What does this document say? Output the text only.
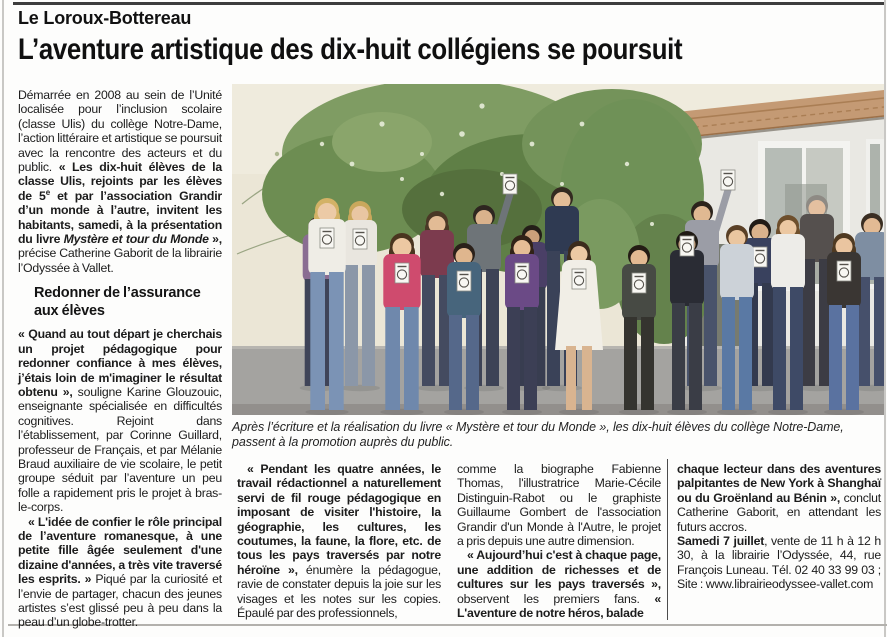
Le Loroux-Bottereau
L’aventure artistique des dix-huit collégiens se poursuit

Démarrée en 2008 au sein de l’Unité localisée pour l’inclusion scolaire (classe Ulis) du collège Notre-Dame, l’action littéraire et artistique se poursuit avec la rencontre des acteurs et du public. « Les dix-huit élèves de la classe Ulis, rejoints par les élèves de 5e et par l’association Grandir d’un monde à l’autre, invitent les habitants, samedi, à la présentation du livre Mystère et tour du Monde », précise Catherine Gaborit de la librairie l’Odyssée à Vallet.

Redonner de l’assurance aux élèves

« Quand au tout départ je cherchais un projet pédagogique pour redonner confiance à mes élèves, j’étais loin de m'imaginer le résultat obtenu », souligne Karine Glouzouic, enseignante spécialisée en difficultés cognitives. Rejoint dans l’établissement, par Corinne Guillard, professeur de Français, et par Mélanie Braud auxiliaire de vie scolaire, le petit groupe séduit par l’aventure un peu folle a rapidement pris le projet à bras-le-corps.

« L'idée de confier le rôle principal de l’aventure romanesque, à une petite fille âgée seulement d'une dizaine d'années, a très vite traversé les esprits. » Piqué par la curiosité et l’envie de partager, chacun des jeunes artistes s’est glissé peu à peu dans la peau d’un globe-trotter.

Après l’écriture et la réalisation du livre « Mystère et tour du Monde », les dix-huit élèves du collège Notre-Dame, passent à la promotion auprès du public.

« Pendant les quatre années, le travail rédactionnel a naturellement servi de fil rouge pédagogique en imposant de visiter l'histoire, la géographie, les cultures, les coutumes, la faune, la flore, etc. de tous les pays traversés par notre héroïne », énumère la pédagogue, ravie de constater depuis la joie sur les visages et les notes sur les copies. Épaulé par des professionnels,

comme la biographe Fabienne Thomas, l'illustratrice Marie-Cécile Distinguin-Rabot ou le graphiste Guillaume Gombert de l'association Grandir d'un Monde à l'Autre, le projet a pris depuis une autre dimension.

« Aujourd’hui c'est à chaque page, une addition de richesses et de cultures sur les pays traversés », observent les premiers fans. « L'aventure de notre héros, balade

chaque lecteur dans des aventures palpitantes de New York à Shanghaï ou du Groënland au Bénin », conclut Catherine Gaborit, en attendant les futurs accros.

Samedi 7 juillet, vente de 11 h à 12 h 30, à la librairie l’Odyssée, 44, rue François Luneau. Tél. 02 40 33 99 03 ; Site : www.librairieodyssee-vallet.com
